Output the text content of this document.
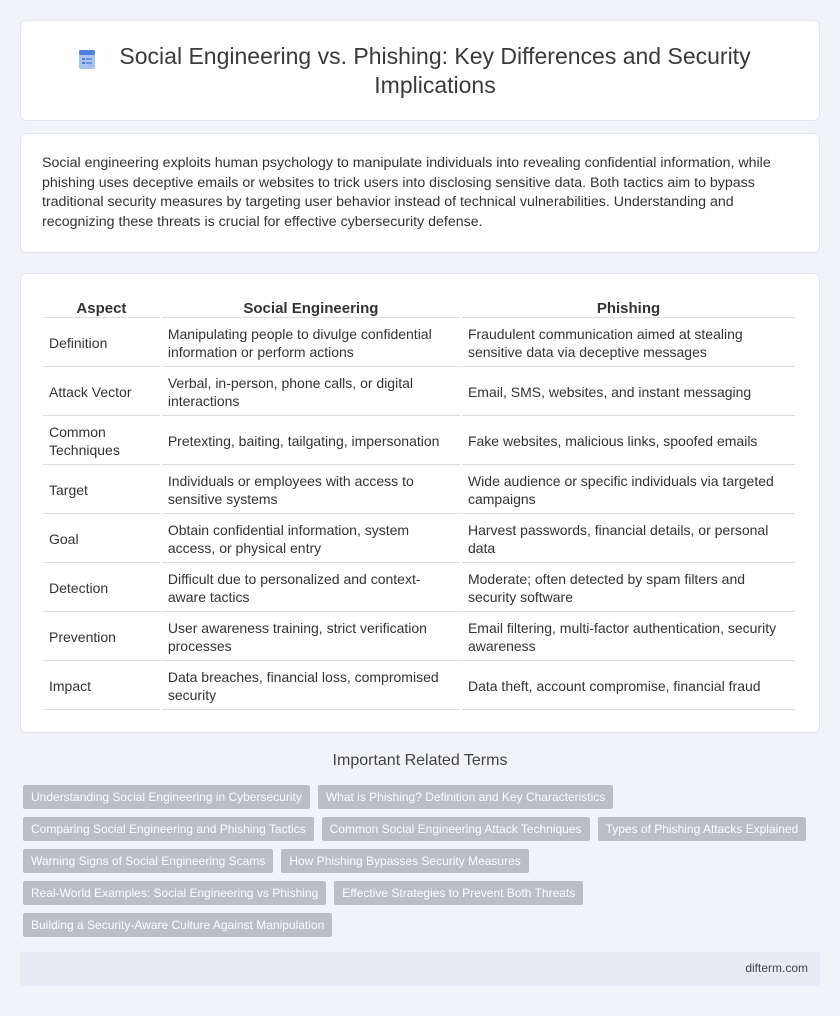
Social Engineering vs. Phishing: Key Differences and Security Implications

Social engineering exploits human psychology to manipulate individuals into revealing confidential information, while phishing uses deceptive emails or websites to trick users into disclosing sensitive data. Both tactics aim to bypass traditional security measures by targeting user behavior instead of technical vulnerabilities. Understanding and recognizing these threats is crucial for effective cybersecurity defense.

Aspect	Social Engineering	Phishing
Definition	Manipulating people to divulge confidential information or perform actions	Fraudulent communication aimed at stealing sensitive data via deceptive messages
Attack Vector	Verbal, in-person, phone calls, or digital interactions	Email, SMS, websites, and instant messaging
Common Techniques	Pretexting, baiting, tailgating, impersonation	Fake websites, malicious links, spoofed emails
Target	Individuals or employees with access to sensitive systems	Wide audience or specific individuals via targeted campaigns
Goal	Obtain confidential information, system access, or physical entry	Harvest passwords, financial details, or personal data
Detection	Difficult due to personalized and context-aware tactics	Moderate; often detected by spam filters and security software
Prevention	User awareness training, strict verification processes	Email filtering, multi-factor authentication, security awareness
Impact	Data breaches, financial loss, compromised security	Data theft, account compromise, financial fraud
Important Related Terms
Understanding Social Engineering in Cybersecurity	What is Phishing? Definition and Key Characteristics
Comparing Social Engineering and Phishing Tactics	Common Social Engineering Attack Techniques	Types of Phishing Attacks Explained
Warning Signs of Social Engineering Scams	How Phishing Bypasses Security Measures
Real-World Examples: Social Engineering vs Phishing	Effective Strategies to Prevent Both Threats
Building a Security-Aware Culture Against Manipulation
difterm.com
